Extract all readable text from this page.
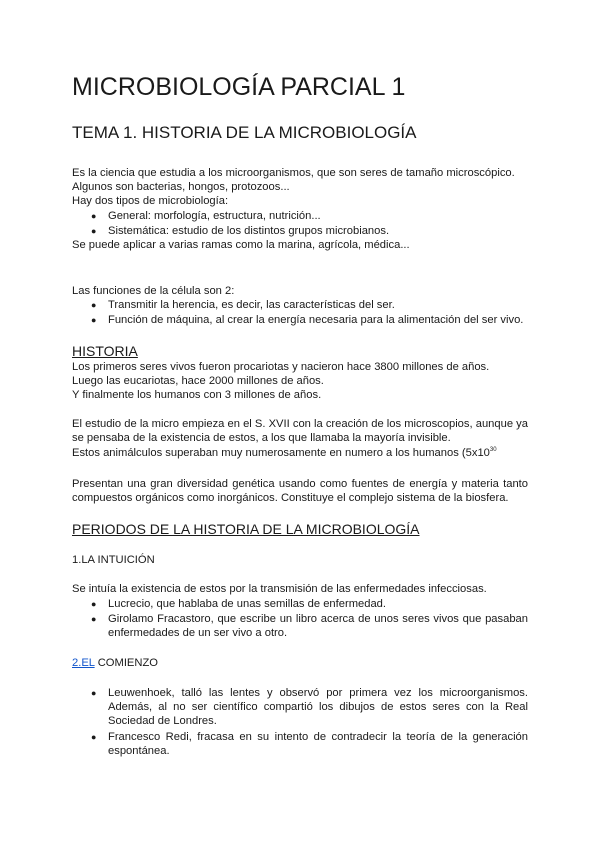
MICROBIOLOGÍA PARCIAL 1
TEMA 1. HISTORIA DE LA MICROBIOLOGÍA
Es la ciencia que estudia a los microorganismos, que son seres de tamaño microscópico.
Algunos son bacterias, hongos, protozoos...
Hay dos tipos de microbiología:
● General: morfología, estructura, nutrición...
● Sistemática: estudio de los distintos grupos microbianos.
Se puede aplicar a varias ramas como la marina, agrícola, médica...
Las funciones de la célula son 2:
● Transmitir la herencia, es decir, las características del ser.
● Función de máquina, al crear la energía necesaria para la alimentación del ser vivo.
HISTORIA
Los primeros seres vivos fueron procariotas y nacieron hace 3800 millones de años.
Luego las eucariotas, hace 2000 millones de años.
Y finalmente los humanos con 3 millones de años.
El estudio de la micro empieza en el S. XVII con la creación de los microscopios, aunque ya se pensaba de la existencia de estos, a los que llamaba la mayoría invisible.
Estos animálculos superaban muy numerosamente en numero a los humanos ($5x10^{30}$
Presentan una gran diversidad genética usando como fuentes de energía y materia tanto compuestos orgánicos como inorgánicos. Constituye el complejo sistema de la biosfera.
PERIODOS DE LA HISTORIA DE LA MICROBIOLOGÍA
1.LA INTUICIÓN
Se intuía la existencia de estos por la transmisión de las enfermedades infecciosas.
● Lucrecio, que hablaba de unas semillas de enfermedad.
● Girolamo Fracastoro, que escribe un libro acerca de unos seres vivos que pasaban enfermedades de un ser vivo a otro.
2.EL COMIENZO
● Leuwenhoek, talló las lentes y observó por primera vez los microorganismos. Además, al no ser científico compartió los dibujos de estos seres con la Real Sociedad de Londres.
● Francesco Redi, fracasa en su intento de contradecir la teoría de la generación espontánea.
